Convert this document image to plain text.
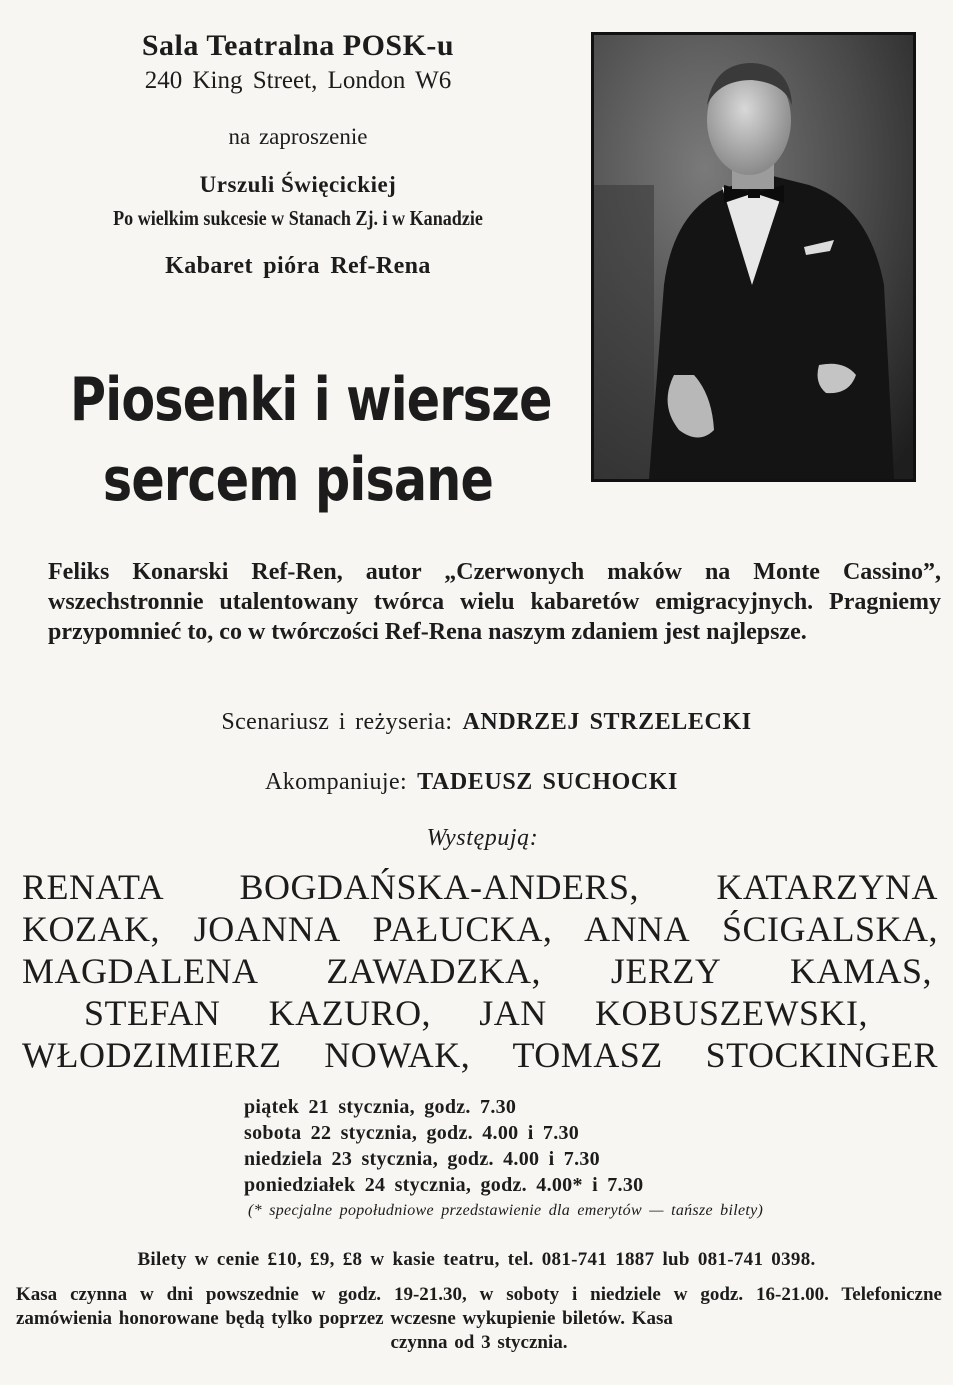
Sala Teatralna POSK-u
240 King Street, London W6
na zaproszenie
Urszuli Święcickiej
Po wielkim sukcesie w Stanach Zj. i w Kanadzie
Kabaret pióra Ref-Rena
Piosenki i wiersze
sercem pisane
Feliks Konarski Ref-Ren, autor „Czerwonych maków na Monte Cassino”, wszechstronnie utalentowany twórca wielu kabaretów emigracyjnych. Pragniemy przypomnieć to, co w twórczości Ref-Rena naszym zdaniem jest najlepsze.
Scenariusz i reżyseria: ANDRZEJ STRZELECKI
Akompaniuje: TADEUSZ SUCHOCKI
Występują:
RENATA BOGDAŃSKA-ANDERS, KATARZYNA
KOZAK, JOANNA PAŁUCKA, ANNA ŚCIGALSKA,
MAGDALENA ZAWADZKA, JERZY KAMAS,
STEFAN KAZURO, JAN KOBUSZEWSKI,
WŁODZIMIERZ NOWAK, TOMASZ STOCKINGER
piątek 21 stycznia, godz. 7.30
sobota 22 stycznia, godz. 4.00 i 7.30
niedziela 23 stycznia, godz. 4.00 i 7.30
poniedziałek 24 stycznia, godz. 4.00* i 7.30
(* specjalne popołudniowe przedstawienie dla emerytów — tańsze bilety)
Bilety w cenie £10, £9, £8 w kasie teatru, tel. 081-741 1887 lub 081-741 0398.
Kasa czynna w dni powszednie w godz. 19-21.30, w soboty i niedziele w godz. 16-21.00. Telefoniczne zamówienia honorowane będą tylko poprzez wczesne wykupienie biletów. Kasa
czynna od 3 stycznia.
